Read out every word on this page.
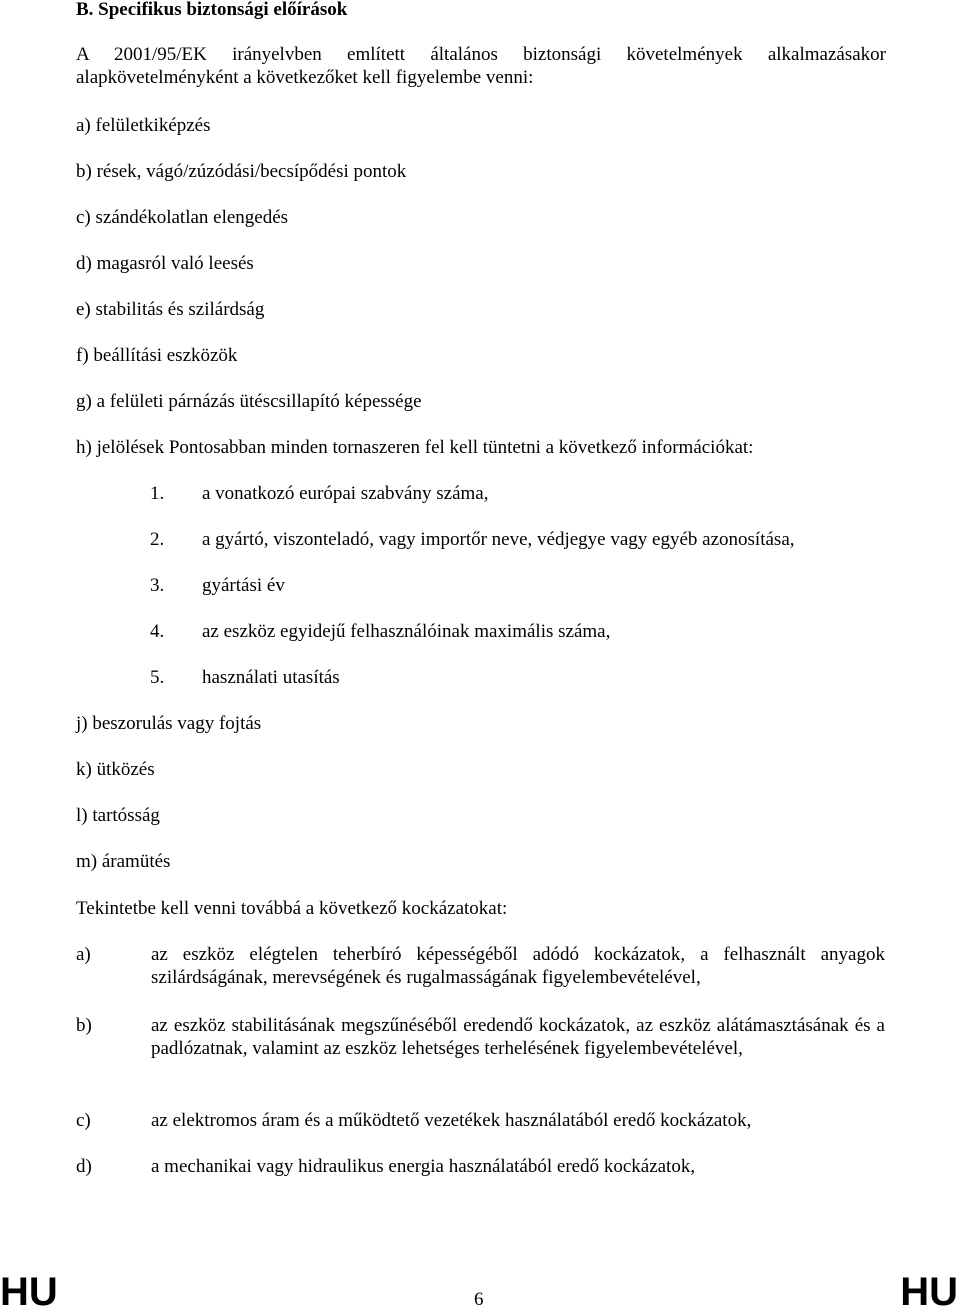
B. Specifikus biztonsági előírások
A 2001/95/EK irányelvben említett általános biztonsági követelmények alkalmazásakor alapkövetelményként a következőket kell figyelembe venni:
a) felületkiképzés
b) rések, vágó/zúzódási/becsípődési pontok
c) szándékolatlan elengedés
d) magasról való leesés
e) stabilitás és szilárdság
f) beállítási eszközök
g) a felületi párnázás ütéscsillapító képessége
h) jelölések Pontosabban minden tornaszeren fel kell tüntetni a következő információkat:
1. a vonatkozó európai szabvány száma,
2. a gyártó, viszonteladó, vagy importőr neve, védjegye vagy egyéb azonosítása,
3. gyártási év
4. az eszköz egyidejű felhasználóinak maximális száma,
5. használati utasítás
j) beszorulás vagy fojtás
k) ütközés
l) tartósság
m) áramütés
Tekintetbe kell venni továbbá a következő kockázatokat:
a)	az eszköz elégtelen teherbíró képességéből adódó kockázatok, a felhasznált anyagok szilárdságának, merevségének és rugalmasságának figyelembevételével,
b)	az eszköz stabilitásának megszűnéséből eredendő kockázatok, az eszköz alátámasztásának és a padlózatnak, valamint az eszköz lehetséges terhelésének figyelembevételével,
c)	az elektromos áram és a működtető vezetékek használatából eredő kockázatok,
d)	a mechanikai vagy hidraulikus energia használatából eredő kockázatok,
HU	6	HU
